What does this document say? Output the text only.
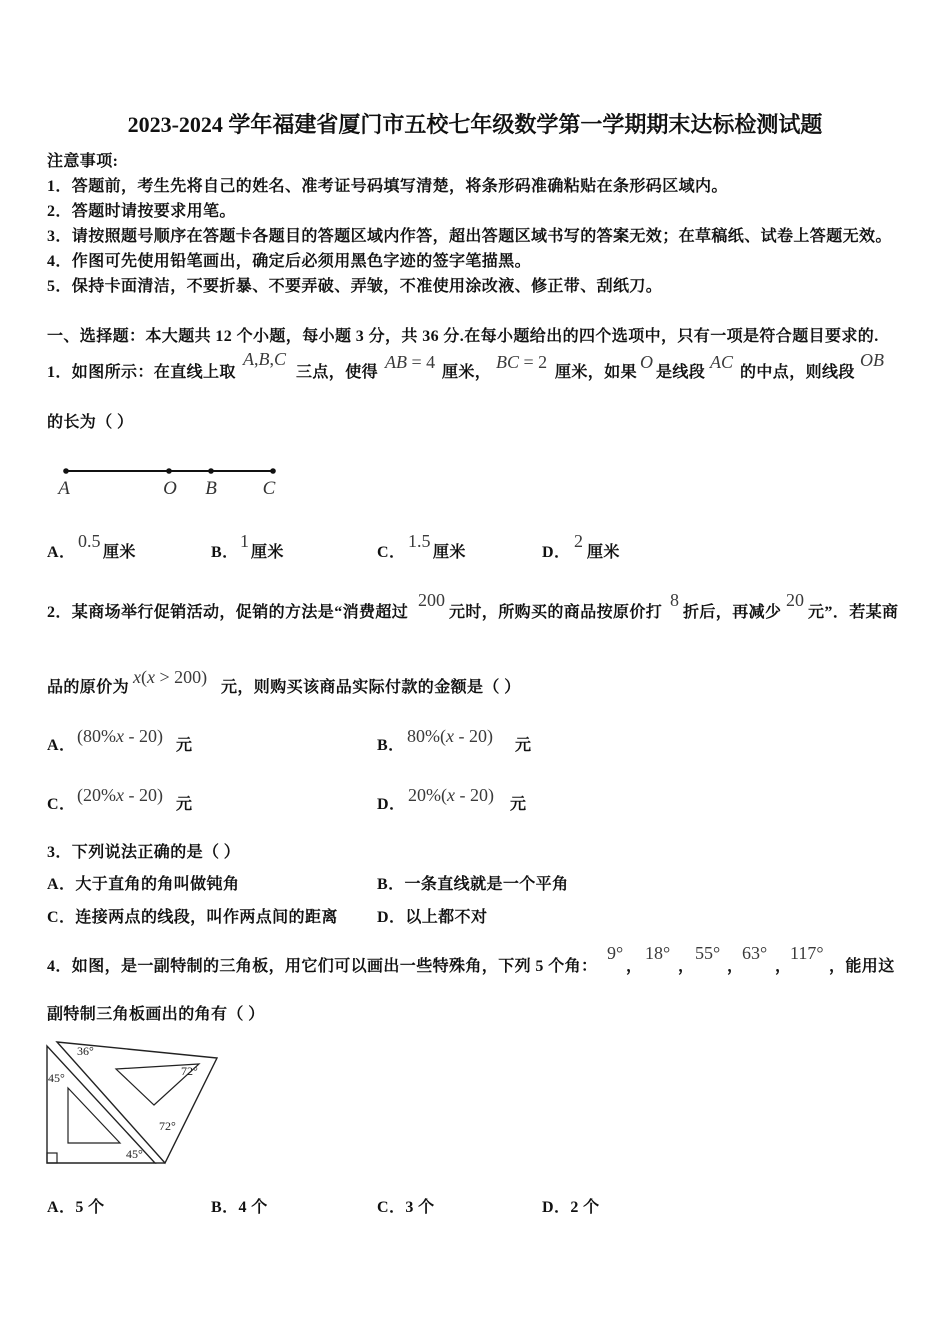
2023-2024 学年福建省厦门市五校七年级数学第一学期期末达标检测试题
注意事项:
1．答题前，考生先将自己的姓名、准考证号码填写清楚，将条形码准确粘贴在条形码区域内。
2．答题时请按要求用笔。
3．请按照题号顺序在答题卡各题目的答题区域内作答，超出答题区域书写的答案无效；在草稿纸、试卷上答题无效。
4．作图可先使用铅笔画出，确定后必须用黑色字迹的签字笔描黑。
5．保持卡面清洁，不要折暴、不要弄破、弄皱，不准使用涂改液、修正带、刮纸刀。
一、选择题：本大题共 12 个小题，每小题 3 分，共 36 分.在每小题给出的四个选项中，只有一项是符合题目要求的.
1．如图所示：在直线上取
A,B,C
三点，使得
AB = 4
厘米，
BC = 2
厘米，如果
O
是线段
AC
的中点，则线段
OB
的长为（ ）
A	O B C
A．
0.5
厘米	B．
1
厘米	C．
1.5
厘米	D．
2
厘米
2．某商场举行促销活动，促销的方法是“消费超过
200
元时，所购买的商品按原价打
8
折后，再减少
20
元”．若某商
品的原价为
x(x > 200)
元，则购买该商品实际付款的金额是（ ）
A． (80%x - 20) 元	B． 80%(x - 20) 元
C． (20%x - 20) 元	D． 20%(x - 20) 元
3．下列说法正确的是（ ）
A．大于直角的角叫做钝角	B．一条直线就是一个平角
C．连接两点的线段，叫作两点间的距离 D．以上都不对
4．如图，是一副特制的三角板，用它们可以画出一些特殊角，下列 5 个角：
9°
，
18°
，
55°
，
63°
，
117°
，能用这
副特制三角板画出的角有（ ）
36°
45°	72°
72°
45°
A．5 个	B．4 个	C．3 个	D．2 个
